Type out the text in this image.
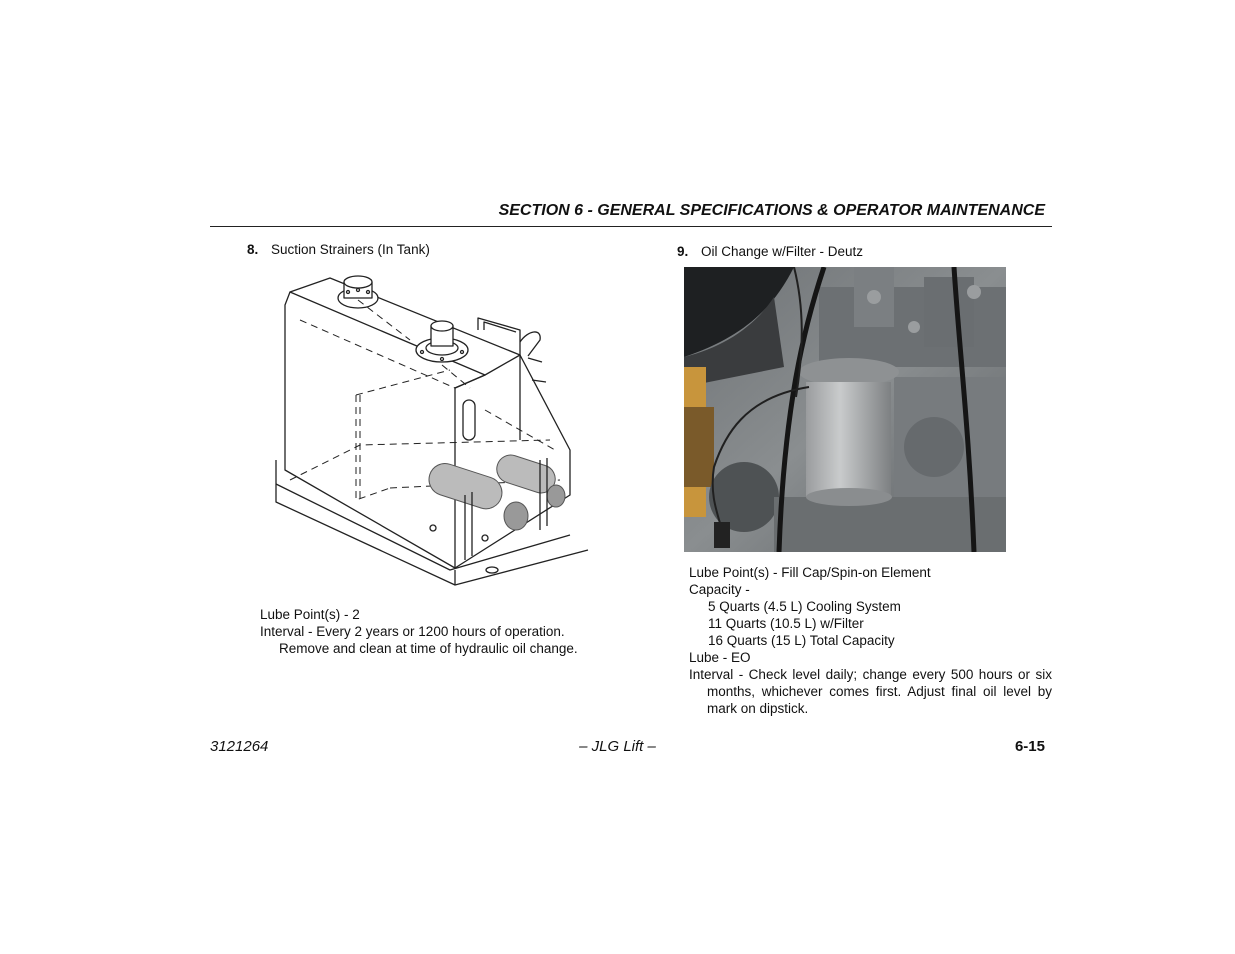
SECTION 6 - GENERAL SPECIFICATIONS & OPERATOR MAINTENANCE
8. Suction Strainers (In Tank)
Lube Point(s) - 2
Interval - Every 2 years or 1200 hours of operation.
Remove and clean at time of hydraulic oil change.
9. Oil Change w/Filter - Deutz
Lube Point(s) - Fill Cap/Spin-on Element
Capacity -
5 Quarts (4.5 L) Cooling System
11 Quarts (10.5 L) w/Filter
16 Quarts (15 L) Total Capacity
Lube - EO
Interval - Check level daily; change every 500 hours or six months, whichever comes first. Adjust final oil level by mark on dipstick.
3121264	– JLG Lift –	6-15
